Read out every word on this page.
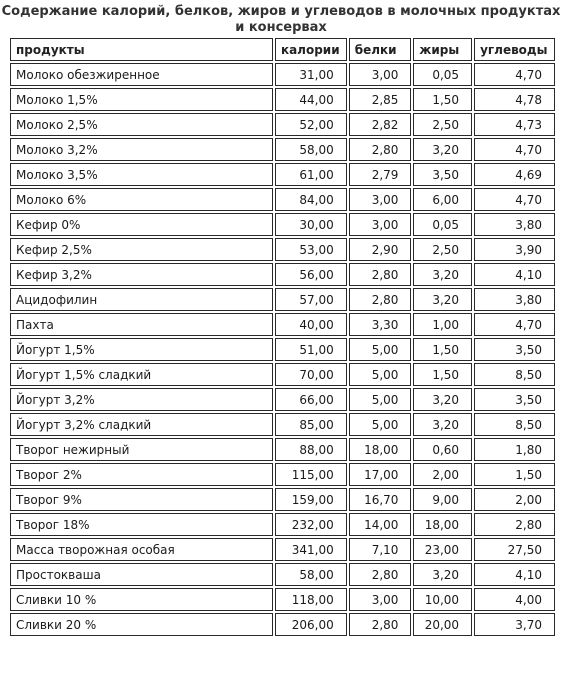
Содержание калорий, белков, жиров и углеводов в молочных продуктах и консервах
продукты	калории	белки	жиры	углеводы
Молоко обезжиренное	31,00	3,00	0,05	4,70
Молоко 1,5%	44,00	2,85	1,50	4,78
Молоко 2,5%	52,00	2,82	2,50	4,73
Молоко 3,2%	58,00	2,80	3,20	4,70
Молоко 3,5%	61,00	2,79	3,50	4,69
Молоко 6%	84,00	3,00	6,00	4,70
Кефир 0%	30,00	3,00	0,05	3,80
Кефир 2,5%	53,00	2,90	2,50	3,90
Кефир 3,2%	56,00	2,80	3,20	4,10
Ацидофилин	57,00	2,80	3,20	3,80
Пахта	40,00	3,30	1,00	4,70
Йогурт 1,5%	51,00	5,00	1,50	3,50
Йогурт 1,5% сладкий	70,00	5,00	1,50	8,50
Йогурт 3,2%	66,00	5,00	3,20	3,50
Йогурт 3,2% сладкий	85,00	5,00	3,20	8,50
Творог нежирный	88,00	18,00	0,60	1,80
Творог 2%	115,00	17,00	2,00	1,50
Творог 9%	159,00	16,70	9,00	2,00
Творог 18%	232,00	14,00	18,00	2,80
Масса творожная особая	341,00	7,10	23,00	27,50
Простокваша	58,00	2,80	3,20	4,10
Сливки 10 %	118,00	3,00	10,00	4,00
Сливки 20 %	206,00	2,80	20,00	3,70
